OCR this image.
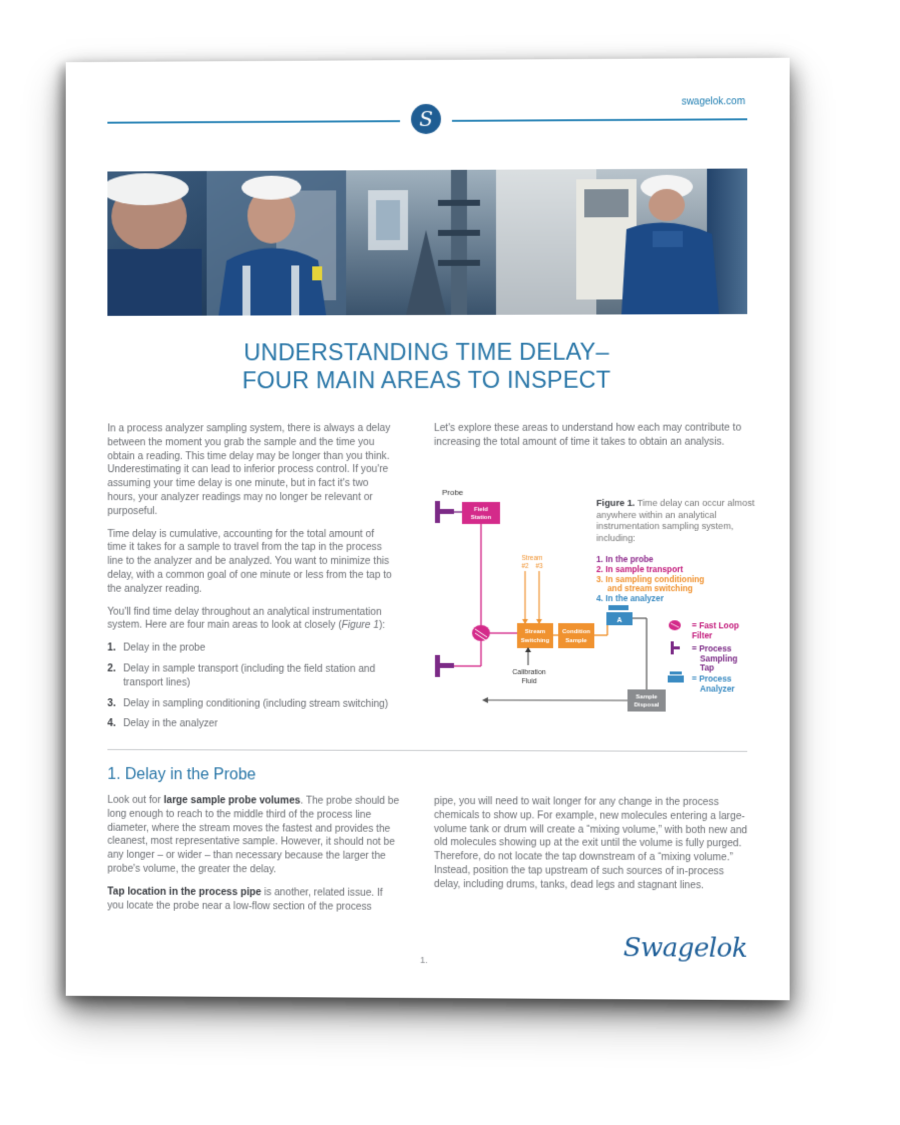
swagelok.com
S
UNDERSTANDING TIME DELAY–
FOUR MAIN AREAS TO INSPECT

In a process analyzer sampling system, there is always a delay between the moment you grab the sample and the time you obtain a reading. This time delay may be longer than you think. Underestimating it can lead to inferior process control. If you're assuming your time delay is one minute, but in fact it's two hours, your analyzer readings may no longer be relevant or purposeful.

Time delay is cumulative, accounting for the total amount of time it takes for a sample to travel from the tap in the process line to the analyzer and be analyzed. You want to minimize this delay, with a common goal of one minute or less from the tap to the analyzer reading.

You'll find time delay throughout an analytical instrumentation system. Here are four main areas to look at closely (Figure 1):

1. Delay in the probe
2. Delay in sample transport (including the field station and transport lines)
3. Delay in sampling conditioning (including stream switching)
4. Delay in the analyzer

Let's explore these areas to understand how each may contribute to increasing the total amount of time it takes to obtain an analysis.

Probe
Field
Station
Stream
#2 #3
Stream
Switching
Calibration
Fluid
Condition
Sample
A
Sample
Disposal
Figure 1. Time delay can occur almost anywhere within an analytical instrumentation sampling system, including:
1. In the probe
2. In sample transport
3. In sampling conditioning
and stream switching
4. In the analyzer
= Fast Loop Filter
= Process
Sampling
Tap
= Process
Analyzer
1. Delay in the Probe

Look out for large sample probe volumes. The probe should be long enough to reach to the middle third of the process line diameter, where the stream moves the fastest and provides the cleanest, most representative sample. However, it should not be any longer – or wider – than necessary because the larger the probe's volume, the greater the delay.

Tap location in the process pipe is another, related issue. If you locate the probe near a low-flow section of the process

pipe, you will need to wait longer for any change in the process chemicals to show up. For example, new molecules entering a large-volume tank or drum will create a “mixing volume,” with both new and old molecules showing up at the exit until the volume is fully purged. Therefore, do not locate the tap downstream of a “mixing volume.” Instead, position the tap upstream of such sources of in-process delay, including drums, tanks, dead legs and stagnant lines.

1.	Swagelok
